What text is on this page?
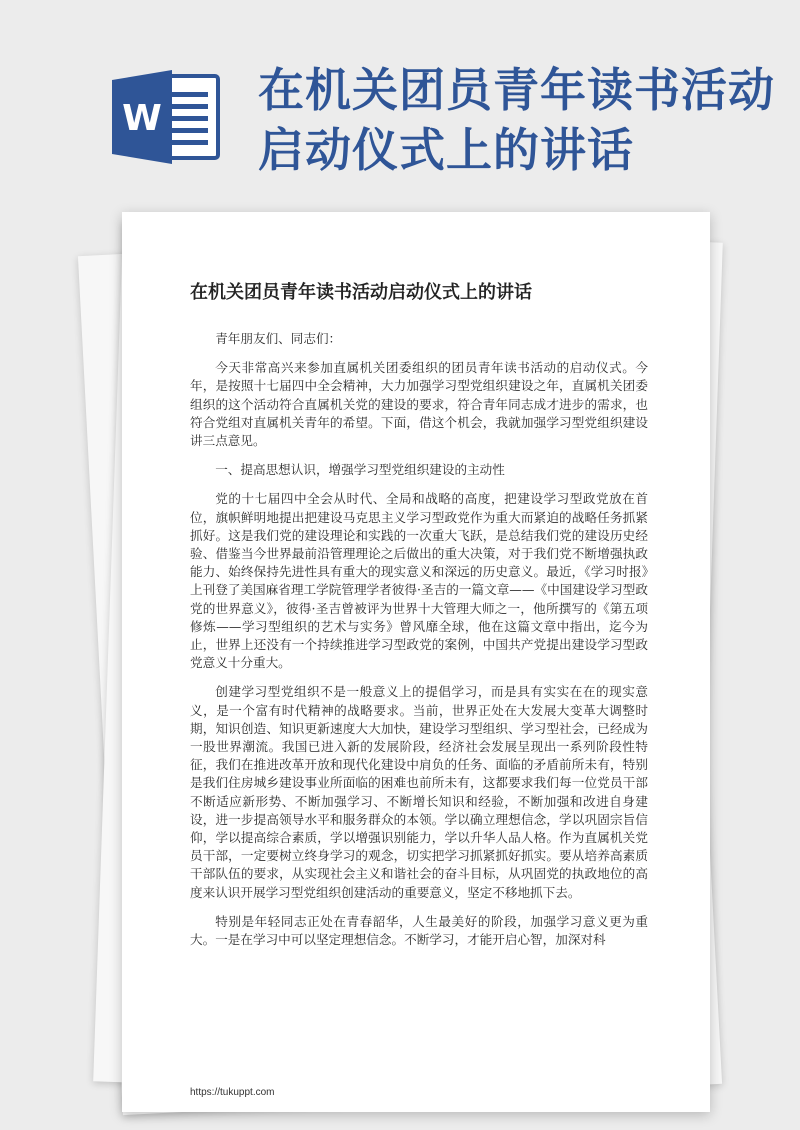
W
在机关团员青年读书活动启动仪式上的讲话
在机关团员青年读书活动启动仪式上的讲话

青年朋友们、同志们：

今天非常高兴来参加直属机关团委组织的团员青年读书活动的启动仪式。今年，是按照十七届四中全会精神，大力加强学习型党组织建设之年，直属机关团委组织的这个活动符合直属机关党的建设的要求，符合青年同志成才进步的需求，也符合党组对直属机关青年的希望。下面，借这个机会，我就加强学习型党组织建设讲三点意见。

一、提高思想认识，增强学习型党组织建设的主动性

党的十七届四中全会从时代、全局和战略的高度，把建设学习型政党放在首位，旗帜鲜明地提出把建设马克思主义学习型政党作为重大而紧迫的战略任务抓紧抓好。这是我们党的建设理论和实践的一次重大飞跃，是总结我们党的建设历史经验、借鉴当今世界最前沿管理理论之后做出的重大决策，对于我们党不断增强执政能力、始终保持先进性具有重大的现实意义和深远的历史意义。最近，《学习时报》上刊登了美国麻省理工学院管理学者彼得·圣吉的一篇文章——《中国建设学习型政党的世界意义》，彼得·圣吉曾被评为世界十大管理大师之一，他所撰写的《第五项修炼——学习型组织的艺术与实务》曾风靡全球，他在这篇文章中指出，迄今为止，世界上还没有一个持续推进学习型政党的案例，中国共产党提出建设学习型政党意义十分重大。

创建学习型党组织不是一般意义上的提倡学习，而是具有实实在在的现实意义，是一个富有时代精神的战略要求。当前，世界正处在大发展大变革大调整时期，知识创造、知识更新速度大大加快，建设学习型组织、学习型社会，已经成为一股世界潮流。我国已进入新的发展阶段，经济社会发展呈现出一系列阶段性特征，我们在推进改革开放和现代化建设中肩负的任务、面临的矛盾前所未有，特别是我们住房城乡建设事业所面临的困难也前所未有，这都要求我们每一位党员干部不断适应新形势、不断加强学习、不断增长知识和经验，不断加强和改进自身建设，进一步提高领导水平和服务群众的本领。学以确立理想信念，学以巩固宗旨信仰，学以提高综合素质，学以增强识别能力，学以升华人品人格。作为直属机关党员干部，一定要树立终身学习的观念，切实把学习抓紧抓好抓实。要从培养高素质干部队伍的要求，从实现社会主义和谐社会的奋斗目标，从巩固党的执政地位的高度来认识开展学习型党组织创建活动的重要意义，坚定不移地抓下去。

特别是年轻同志正处在青春韶华，人生最美好的阶段，加强学习意义更为重大。一是在学习中可以坚定理想信念。不断学习，才能开启心智，加深对科

https://tukuppt.com
